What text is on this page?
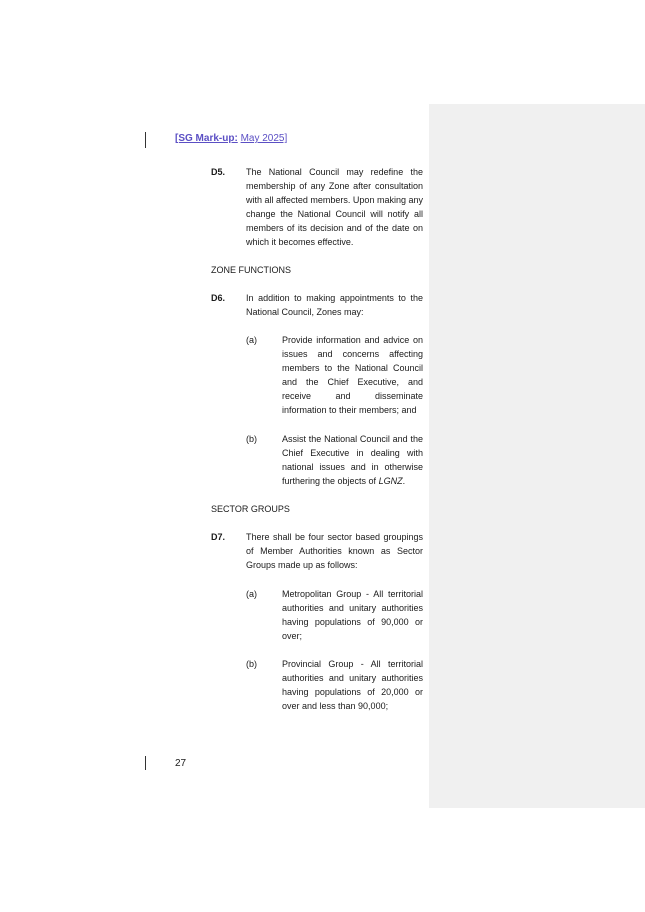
[SG Mark-up: May 2025]
D5. The National Council may redefine the membership of any Zone after consultation with all affected members. Upon making any change the National Council will notify all members of its decision and of the date on which it becomes effective.
ZONE FUNCTIONS
D6. In addition to making appointments to the National Council, Zones may:
(a)	Provide information and advice on issues and concerns affecting members to the National Council and the Chief Executive, and receive and disseminate information to their members; and
(b)	Assist the National Council and the Chief Executive in dealing with national issues and in otherwise furthering the objects of LGNZ.
SECTOR GROUPS
D7. There shall be four sector based groupings of Member Authorities known as Sector Groups made up as follows:
(a)	Metropolitan Group - All territorial authorities and unitary authorities having populations of 90,000 or over;
(b)	Provincial Group - All territorial authorities and unitary authorities having populations of 20,000 or over and less than 90,000;
27
